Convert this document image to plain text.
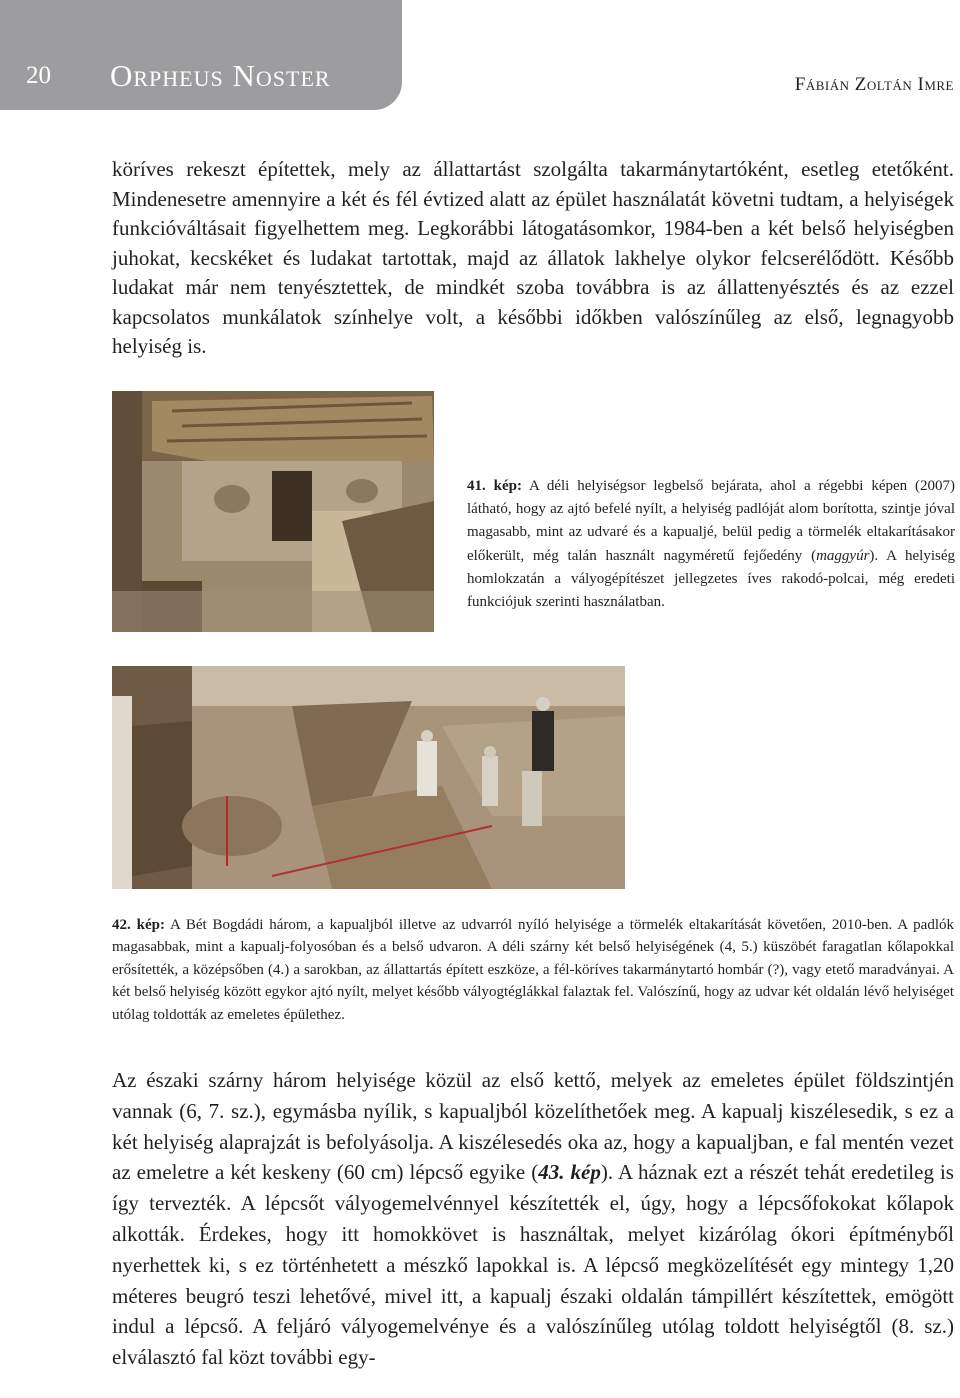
20 Orpheus Noster	Fábián Zoltán Imre

köríves rekeszt építettek, mely az állattartást szolgálta takarmánytartóként, esetleg etetőként. Mindenesetre amennyire a két és fél évtized alatt az épület használatát követni tudtam, a helyiségek funkcióváltásait figyelhettem meg. Legkorábbi látogatásomkor, 1984-ben a két belső helyiségben juhokat, kecskéket és ludakat tartottak, majd az állatok lakhelye olykor felcserélődött. Később ludakat már nem tenyésztettek, de mindkét szoba továbbra is az állattenyésztés és az ezzel kapcsolatos munkálatok színhelye volt, a későbbi időkben valószínűleg az első, legnagyobb helyiség is.

41. kép: A déli helyiségsor legbelső bejárata, ahol a régebbi képen (2007) látható, hogy az ajtó befelé nyílt, a helyiség padlóját alom borította, szintje jóval magasabb, mint az udvaré és a kapualjé, belül pedig a törmelék eltakarításakor előkerült, még talán használt nagyméretű fejőedény (maggyúr). A helyiség homlokzatán a vályogépítészet jellegzetes íves rakodó-polcai, még eredeti funkciójuk szerinti használatban.

42. kép: A Bét Bogdádi három, a kapualjból illetve az udvarról nyíló helyisége a törmelék eltakarítását követően, 2010-ben. A padlók magasabbak, mint a kapualj-folyosóban és a belső udvaron. A déli szárny két belső helyiségének (4, 5.) küszöbét faragatlan kőlapokkal erősítették, a középsőben (4.) a sarokban, az állattartás épített eszköze, a fél-köríves takarmánytartó hombár (?), vagy etető maradványai. A két belső helyiség között egykor ajtó nyílt, melyet később vályogtéglákkal falaztak fel. Valószínű, hogy az udvar két oldalán lévő helyiséget utólag toldották az emeletes épülethez.

Az északi szárny három helyisége közül az első kettő, melyek az emeletes épület földszintjén vannak (6, 7. sz.), egymásba nyílik, s kapualjból közelíthetőek meg. A kapualj kiszélesedik, s ez a két helyiség alaprajzát is befolyásolja. A kiszélesedés oka az, hogy a kapualjban, e fal mentén vezet az emeletre a két keskeny (60 cm) lépcső egyike (43. kép). A háznak ezt a részét tehát eredetileg is így tervezték. A lépcsőt vályogemelvénnyel készítették el, úgy, hogy a lépcsőfokokat kőlapok alkották. Érdekes, hogy itt homokkövet is használtak, melyet kizárólag ókori építményből nyerhettek ki, s ez történhetett a mészkő lapokkal is. A lépcső megközelítését egy mintegy 1,20 méteres beugró teszi lehetővé, mivel itt, a kapualj északi oldalán támpillért készítettek, emögött indul a lépcső. A feljáró vályogemelvénye és a valószínűleg utólag toldott helyiségtől (8. sz.) elválasztó fal közt további egy-
